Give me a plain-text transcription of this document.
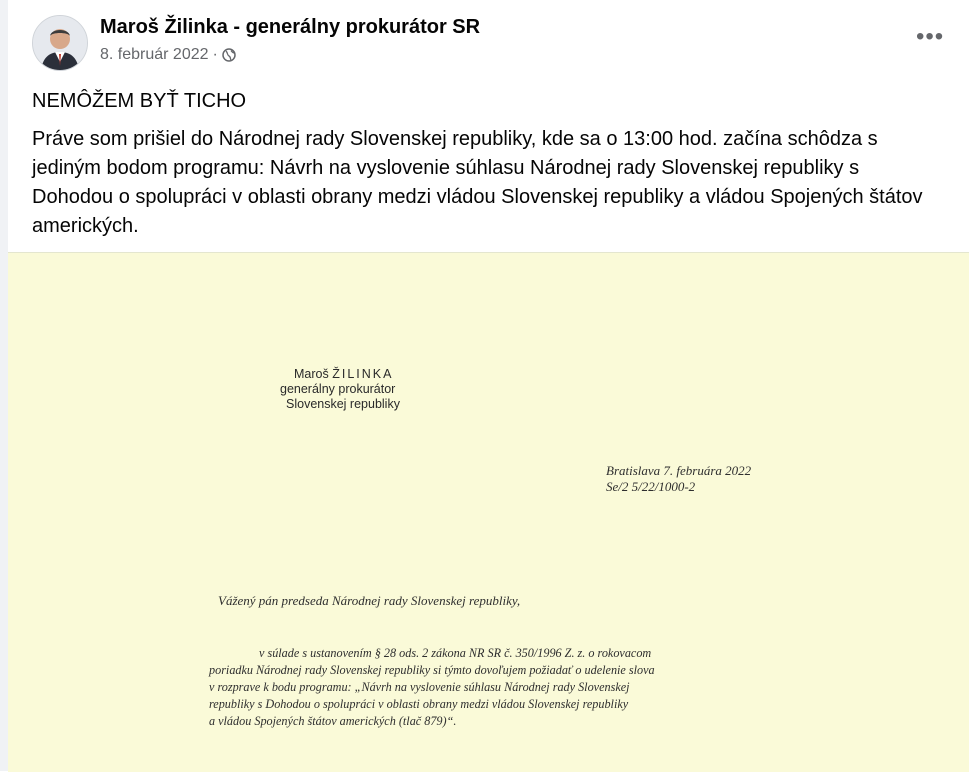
Maroš Žilinka - generálny prokurátor SR
8. február 2022 ·
•••
NEMÔŽEM BYŤ TICHO
Práve som prišiel do Národnej rady Slovenskej republiky, kde sa o 13:00 hod. začína schôdza s jediným bodom programu: Návrh na vyslovenie súhlasu Národnej rady Slovenskej republiky s Dohodou o spolupráci v oblasti obrany medzi vládou Slovenskej republiky a vládou Spojených štátov amerických.
Maroš ŽILINKA
generálny prokurátor
Slovenskej republiky
Bratislava 7. februára 2022
Se/2 5/22/1000-2
Vážený pán predseda Národnej rady Slovenskej republiky,
v súlade s ustanovením § 28 ods. 2 zákona NR SR č. 350/1996 Z. z. o rokovacom
poriadku Národnej rady Slovenskej republiky si týmto dovoľujem požiadať o udelenie slova
v rozprave k bodu programu: „Návrh na vyslovenie súhlasu Národnej rady Slovenskej
republiky s Dohodou o spolupráci v oblasti obrany medzi vládou Slovenskej republiky
a vládou Spojených štátov amerických (tlač 879)“.
